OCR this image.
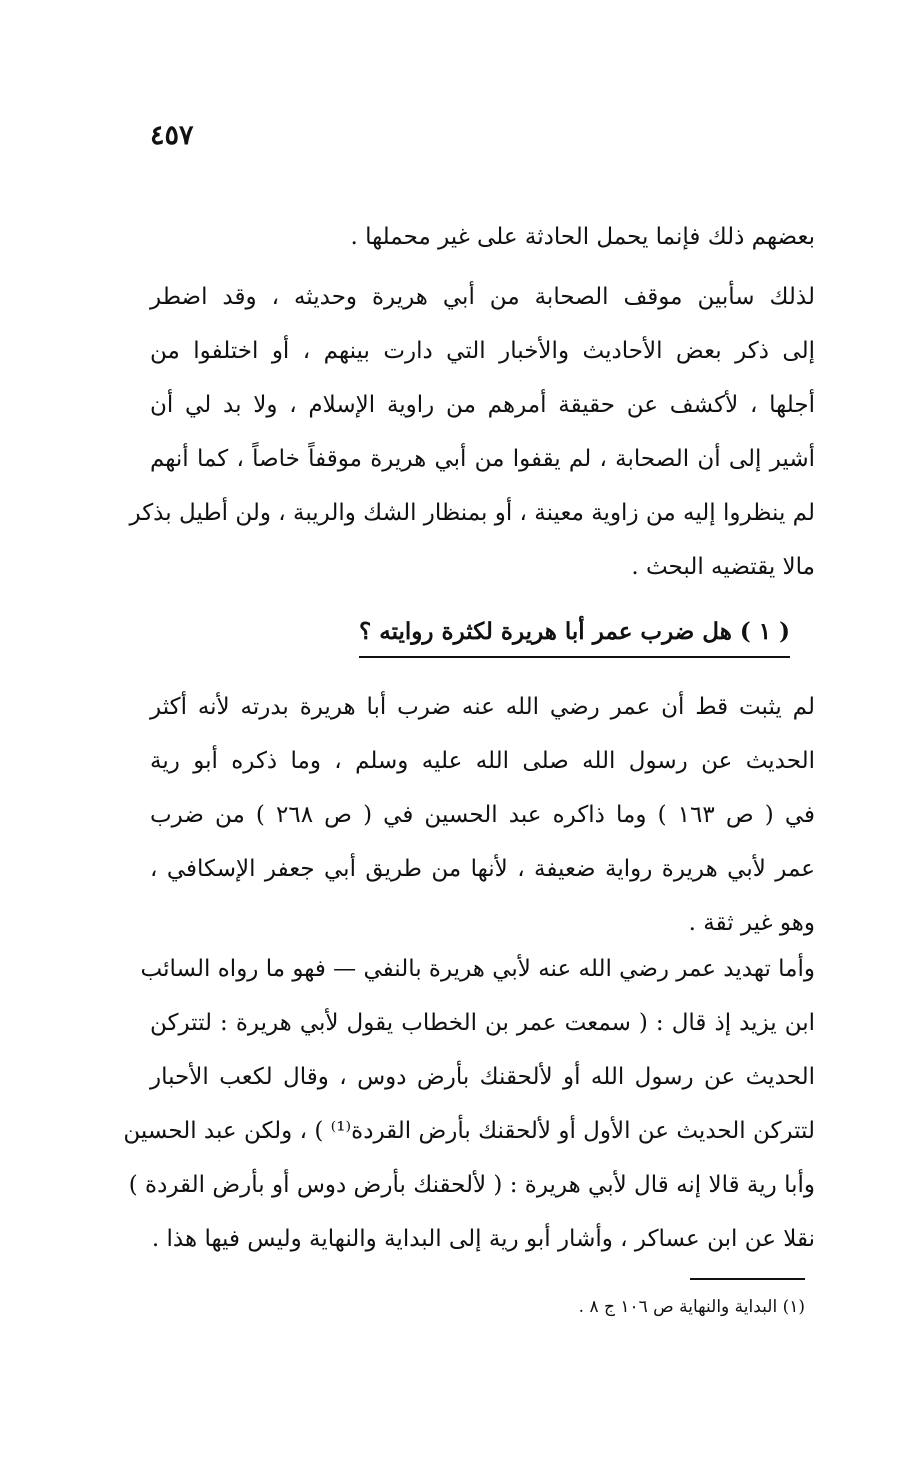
٤٥٧
بعضهم ذلك فإنما يحمل الحادثة على غير محملها .
لذلك سأبين موقف الصحابة من أبي هريرة وحديثه ، وقد اضطر
إلى ذكر بعض الأحاديث والأخبار التي دارت بينهم ، أو اختلفوا من
أجلها ، لأكشف عن حقيقة أمرهم من راوية الإسلام ، ولا بد لي أن
أشير إلى أن الصحابة ، لم يقفوا من أبي هريرة موقفاً خاصاً ، كما أنهم
لم ينظروا إليه من زاوية معينة ، أو بمنظار الشك والريبة ، ولن أطيل بذكر
مالا يقتضيه البحث .
( ١ ) هل ضرب عمر أبا هريرة لكثرة روايته ؟
لم يثبت قط أن عمر رضي الله عنه ضرب أبا هريرة بدرته لأنه أكثر
الحديث عن رسول الله صلى الله عليه وسلم ، وما ذكره أبو رية
في ( ص ١٦٣ ) وما ذاكره عبد الحسين في ( ص ٢٦٨ ) من ضرب
عمر لأبي هريرة رواية ضعيفة ، لأنها من طريق أبي جعفر الإسكافي ،
وهو غير ثقة .
وأما تهديد عمر رضي الله عنه لأبي هريرة بالنفي — فهو ما رواه السائب
ابن يزيد إذ قال : ( سمعت عمر بن الخطاب يقول لأبي هريرة : لتتركن
الحديث عن رسول الله أو لألحقنك بأرض دوس ، وقال لكعب الأحبار
لتتركن الحديث عن الأول أو لألحقنك بأرض القردة⁽¹⁾ ) ، ولكن عبد الحسين
وأبا رية قالا إنه قال لأبي هريرة : ( لألحقنك بأرض دوس أو بأرض القردة )
نقلا عن ابن عساكر ، وأشار أبو رية إلى البداية والنهاية وليس فيها هذا .
(١) البداية والنهاية ص ١٠٦ ج ٨ .
